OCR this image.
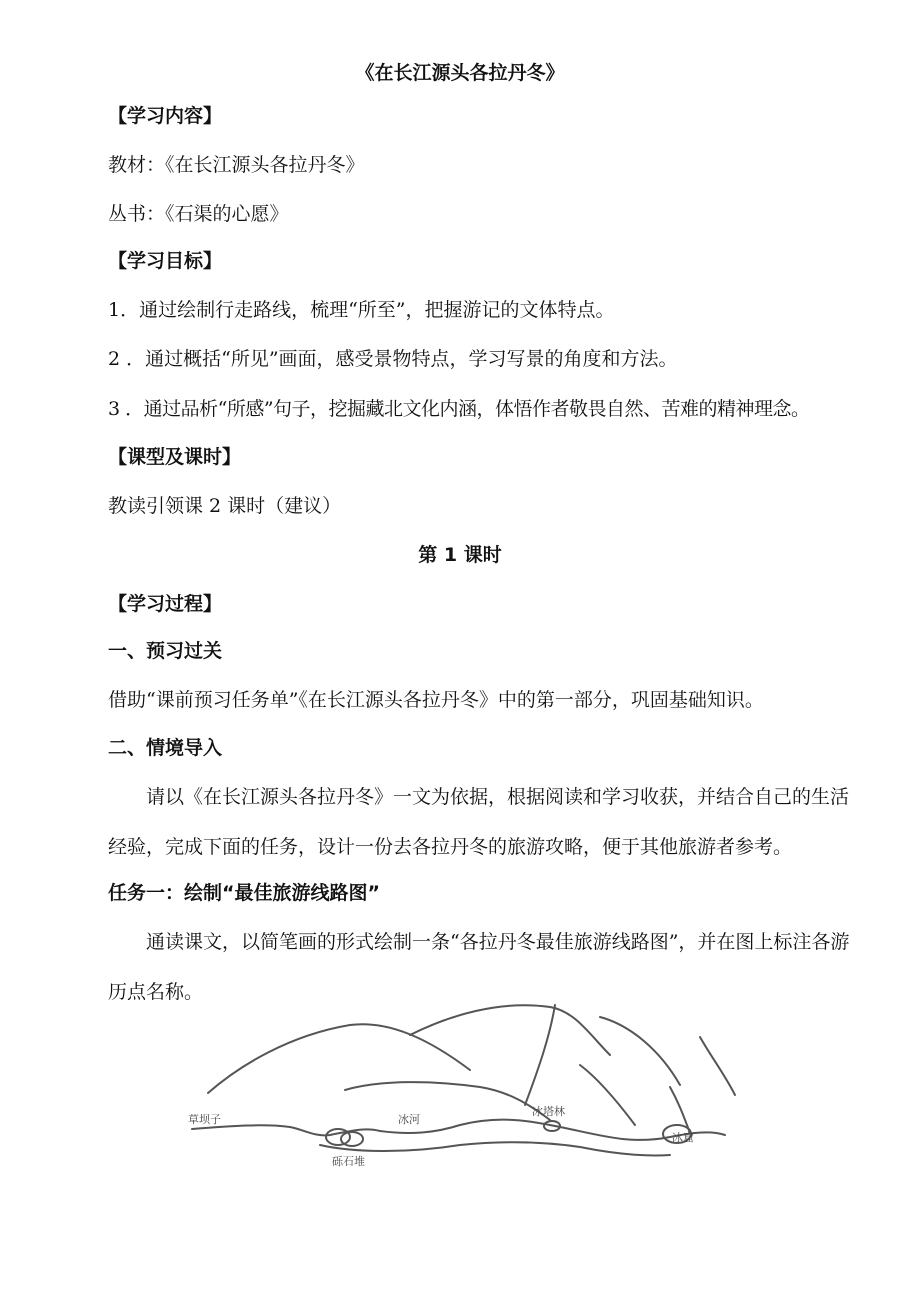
《在长江源头各拉丹冬》
【学习内容】
教材：《在长江源头各拉丹冬》
丛书：《石渠的心愿》
【学习目标】
1．通过绘制行走路线，梳理“所至”，把握游记的文体特点。
2 ．通过概括“所见”画面，感受景物特点，学习写景的角度和方法。
3 ．通过品析“所感”句子，挖掘藏北文化内涵，体悟作者敬畏自然、苦难的精神理念。
【课型及课时】
教读引领课 2 课时（建议）
第 1 课时
【学习过程】
一、预习过关
借助“课前预习任务单”《在长江源头各拉丹冬》中的第一部分，巩固基础知识。
二、情境导入
请以《在长江源头各拉丹冬》一文为依据，根据阅读和学习收获，并结合自己的生活经验，完成下面的任务，设计一份去各拉丹冬的旅游攻略，便于其他旅游者参考。
任务一：绘制“最佳旅游线路图”
通读课文，以简笔画的形式绘制一条“各拉丹冬最佳旅游线路图”，并在图上标注各游历点名称。
草坝子
砾石堆
冰河
冰塔林
冰窟
